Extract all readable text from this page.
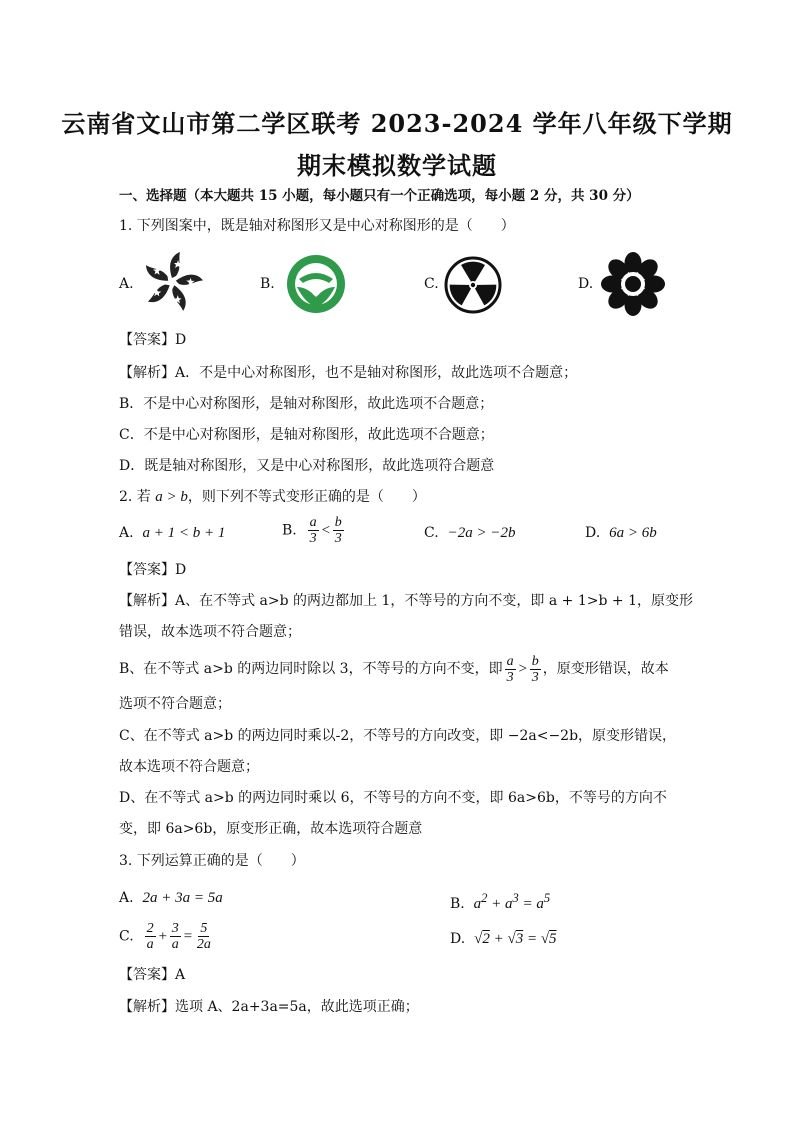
云南省文山市第二学区联考 2023-2024 学年八年级下学期
期末模拟数学试题
一、选择题（本大题共 15 小题，每小题只有一个正确选项，每小题 2 分，共 30 分）
1. 下列图案中，既是轴对称图形又是中心对称图形的是（　　）
A.	B.	C.	D.
【答案】D
【解析】A．不是中心对称图形，也不是轴对称图形，故此选项不合题意；
B．不是中心对称图形，是轴对称图形，故此选项不合题意；
C．不是中心对称图形，是轴对称图形，故此选项不合题意；
D．既是轴对称图形，又是中心对称图形，故此选项符合题意
2. 若 a > b，则下列不等式变形正确的是（　　）
A. a + 1 < b + 1	B. $\frac{a}{3} < \frac{b}{3}$	C. −2a > −2b	D. 6a > 6b
【答案】D
【解析】A、在不等式 a>b 的两边都加上 1，不等号的方向不变，即 a + 1>b + 1，原变形
错误，故本选项不符合题意；
B、在不等式 a>b 的两边同时除以 3，不等号的方向不变，即 $\frac{a}{3} > \frac{b}{3}$ ，原变形错误，故本
选项不符合题意；
C、在不等式 a>b 的两边同时乘以-2，不等号的方向改变，即 −2a<−2b，原变形错误，
故本选项不符合题意；
D、在不等式 a>b 的两边同时乘以 6，不等号的方向不变，即 6a>6b，不等号的方向不
变，即 6a>6b，原变形正确，故本选项符合题意
3. 下列运算正确的是（　　）
A. 2a + 3a = 5a	B. $a^2 + a^3 = a^5$
C. $\frac{2}{a} + \frac{3}{a} = \frac{5}{2a}$	D. √2 + √3 = √5
【答案】A
【解析】选项 A、2a+3a=5a，故此选项正确；
